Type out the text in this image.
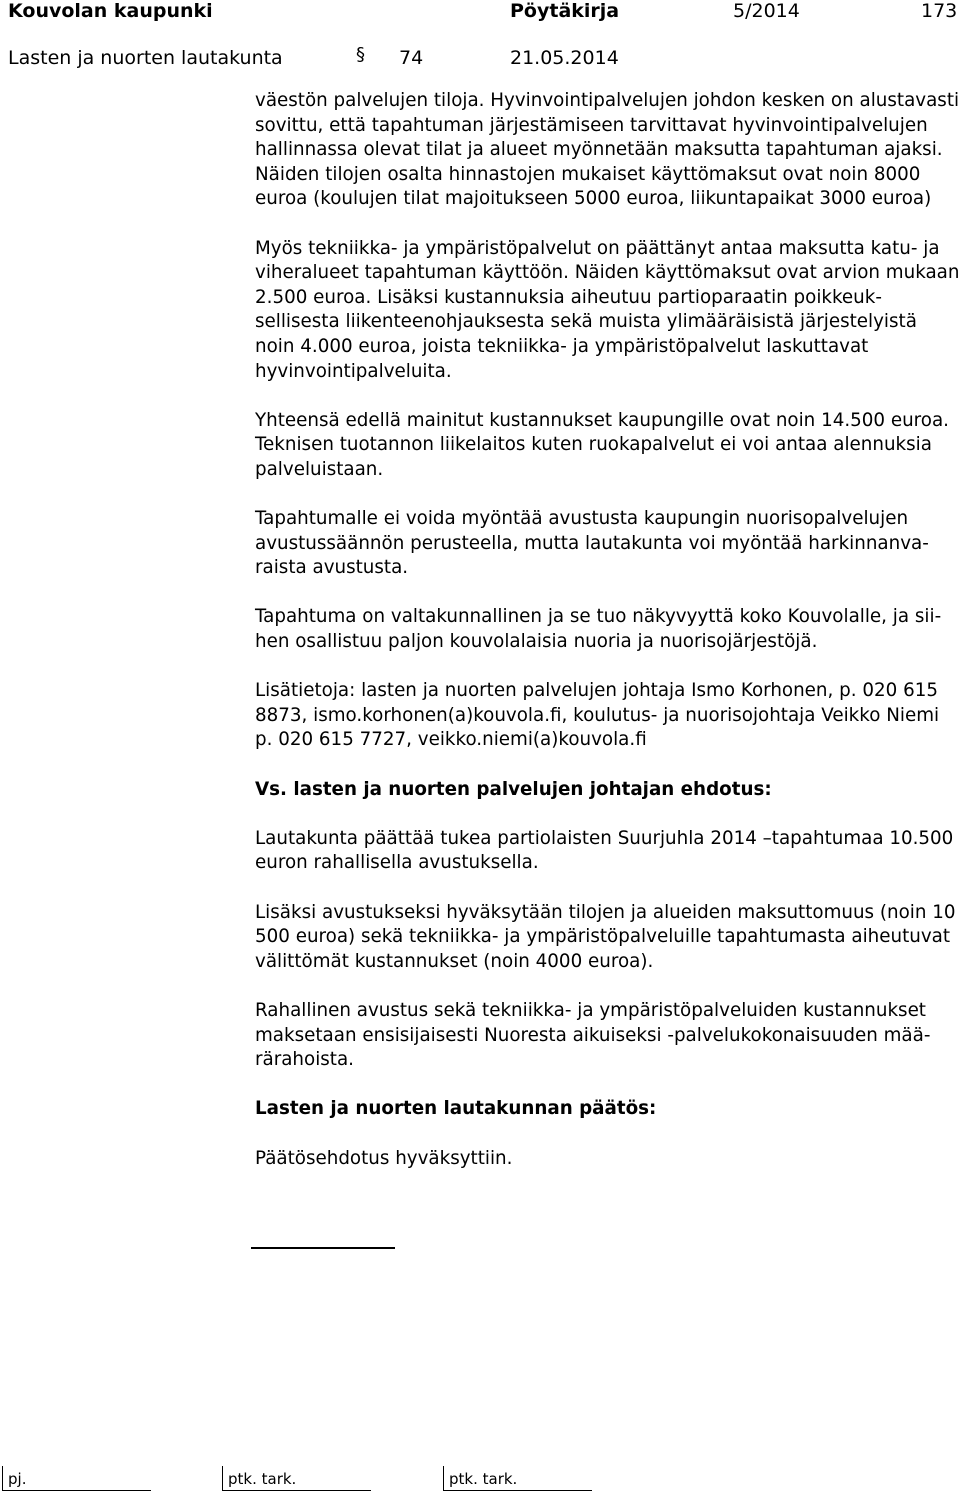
Kouvolan kaupunki	Pöytäkirja	5/2014	173
Lasten ja nuorten lautakunta	74	21.05.2014
§

väestön palvelujen tiloja. Hyvinvointipalvelujen johdon kesken on alustavasti sovittu, että tapahtuman järjestämiseen tarvittavat hyvinvointipalvelujen hallinnassa olevat tilat ja alueet myönnetään maksutta tapahtuman ajaksi. Näiden tilojen osalta hinnastojen mukaiset käyttömaksut ovat noin 8000 euroa (koulujen tilat majoitukseen 5000 euroa, liikuntapaikat 3000 euroa)

Myös tekniikka- ja ympäristöpalvelut on päättänyt antaa maksutta katu- ja viheralueet tapahtuman käyttöön. Näiden käyttömaksut ovat arvion mukaan 2.500 euroa. Lisäksi kustannuksia aiheutuu partioparaatin poikkeuksellisesta liikenteenohjauksesta sekä muista ylimääräisistä järjestelyistä noin 4.000 euroa, joista tekniikka- ja ympäristöpalvelut laskuttavat hyvinvointipalveluita.

Yhteensä edellä mainitut kustannukset kaupungille ovat noin 14.500 euroa. Teknisen tuotannon liikelaitos kuten ruokapalvelut ei voi antaa alennuksia palveluistaan.

Tapahtumalle ei voida myöntää avustusta kaupungin nuorisopalvelujen avustussäännön perusteella, mutta lautakunta voi myöntää harkinnanvaraista avustusta.

Tapahtuma on valtakunnallinen ja se tuo näkyvyyttä koko Kouvolalle, ja siihen osallistuu paljon kouvolalaisia nuoria ja nuorisojärjestöjä.

Lisätietoja: lasten ja nuorten palvelujen johtaja Ismo Korhonen, p. 020 615 8873, ismo.korhonen(a)kouvola.fi, koulutus- ja nuorisojohtaja Veikko Niemi p. 020 615 7727, veikko.niemi(a)kouvola.fi

Vs. lasten ja nuorten palvelujen johtajan ehdotus:

Lautakunta päättää tukea partiolaisten Suurjuhla 2014 –tapahtumaa 10.500 euron rahallisella avustuksella.

Lisäksi avustukseksi hyväksytään tilojen ja alueiden maksuttomuus (noin 10 500 euroa) sekä tekniikka- ja ympäristöpalveluille tapahtumasta aiheutuvat välittömät kustannukset (noin 4000 euroa).

Rahallinen avustus sekä tekniikka- ja ympäristöpalveluiden kustannukset maksetaan ensisijaisesti Nuoresta aikuiseksi -palvelukokonaisuuden määrärahoista.

Lasten ja nuorten lautakunnan päätös:

Päätösehdotus hyväksyttiin.

pj.	ptk. tark.	ptk. tark.
